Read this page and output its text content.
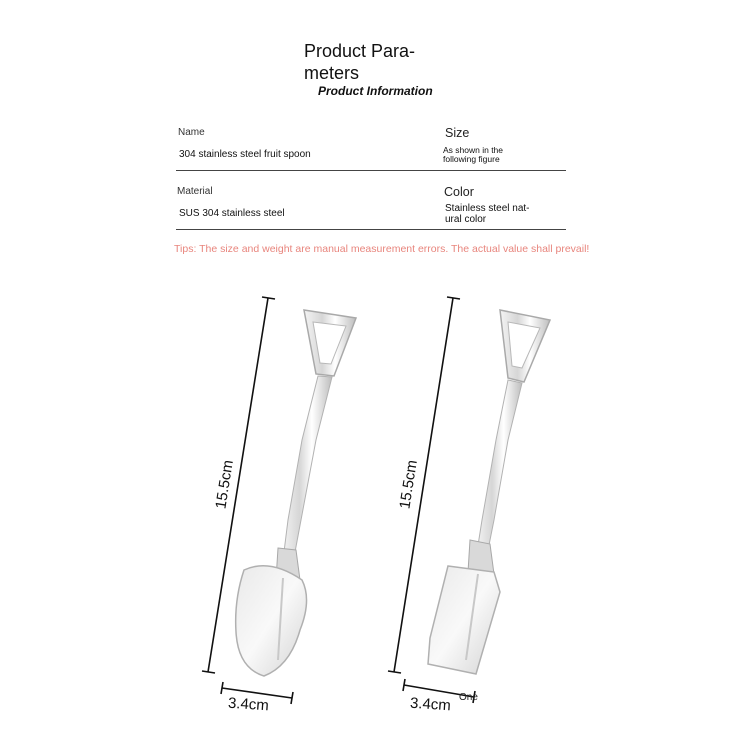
Product Para-
meters
Product Information
Name
304 stainless steel fruit spoon
Size
As shown in the
following figure
Material
SUS 304 stainless steel
Color
Stainless steel nat-
ural color
Tips: The size and weight are manual measurement errors. The actual value shall prevail!
15.5cm
3.4cm
15.5cm
3.4cm One
